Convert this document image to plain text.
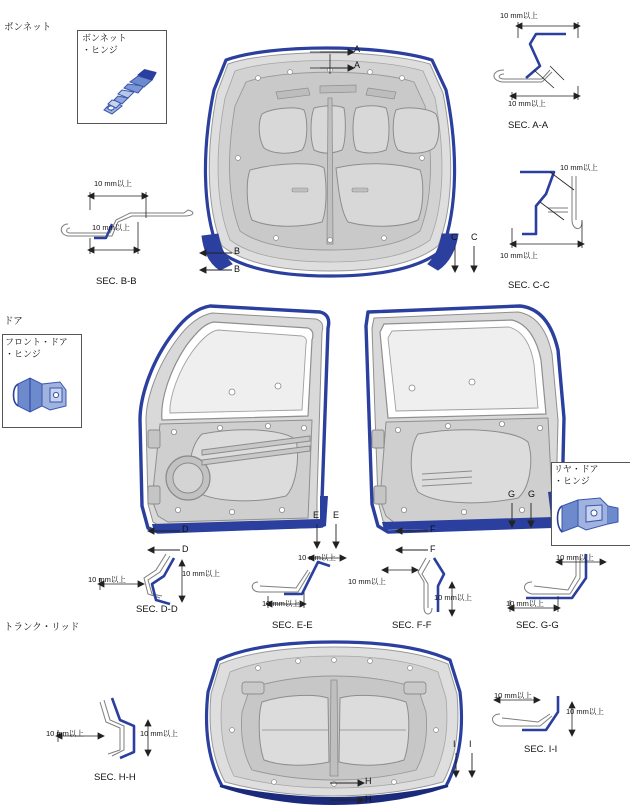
ボンネット
ドア
トランク・リッド
ボンネット
・ヒンジ	A
A
B
B
C C
10 mm以上
10 mm以上
SEC. A-A
10 mm以上
10 mm以上
SEC. C-C
10 mm以上
10 mm以上
SEC. B-B
フロント・ドア
・ヒンジ
D
D
E E
F
F
G G
リヤ・ドア
・ヒンジ
10 mm以上
10 mm以上
SEC. D-D
10 mm以上
10 mm以上
SEC. E-E
10 mm以上
10 mm以上
SEC. F-F
10 mm以上
10 mm以上
SEC. G-G
H
H
I I
10 mm以上	10 mm以上
SEC. H-H
10 mm以上
10 mm以上
SEC. I-I
